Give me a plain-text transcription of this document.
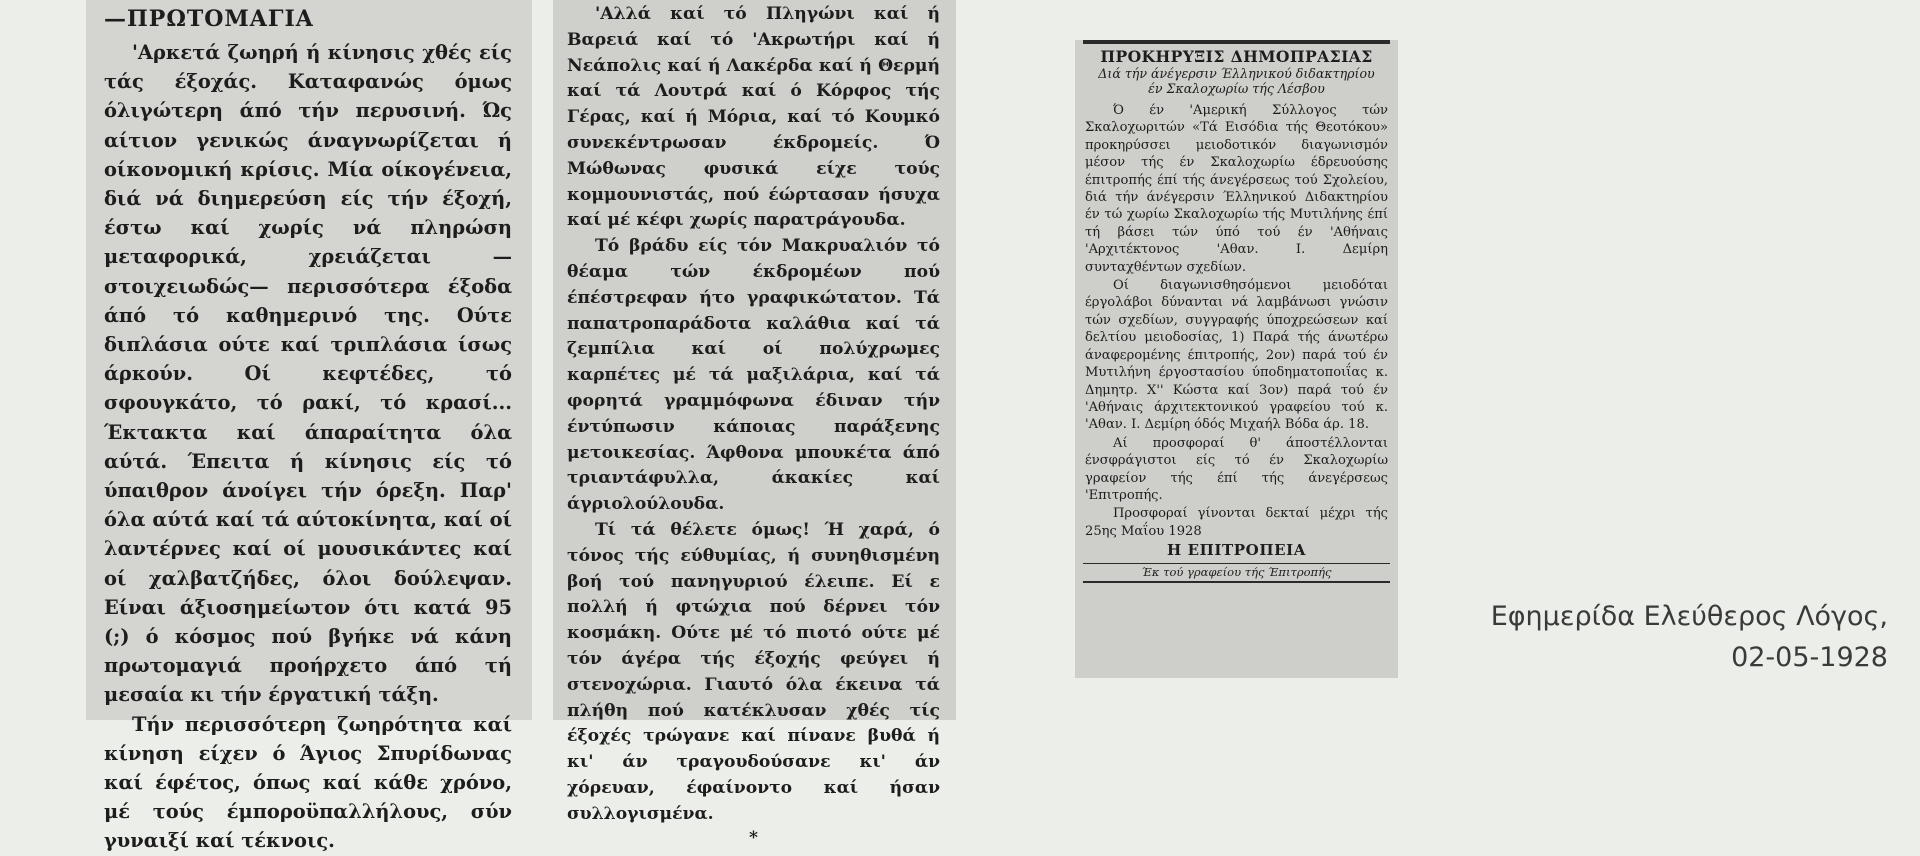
—ΠΡΩΤΟΜΑΓΙΑ

'Αρκετά ζωηρή ή κίνησις χθές είς τάς έξοχάς. Καταφανώς όμως όλιγώτερη άπό τήν περυσινή. Ώς αίτιον γενικώς άναγνωρίζεται ή οίκονομική κρίσις. Μία οίκογένεια, διά νά διημερεύση είς τήν έξοχή, έστω καί χωρίς νά πληρώση μεταφορικά, χρειάζεται —στοιχειωδώς— περισσότερα έξοδα άπό τό καθημερινό της. Ούτε διπλάσια ούτε καί τριπλάσια ίσως άρκούν. Οί κεφτέδες, τό σφουγκάτο, τό ρακί, τό κρασί... Έκτακτα καί άπαραίτητα όλα αύτά. Έπειτα ή κίνησις είς τό ύπαιθρον άνοίγει τήν όρεξη. Παρ' όλα αύτά καί τά αύτοκίνητα, καί οί λαντέρνες καί οί μουσικάντες καί οί χαλβατζήδες, όλοι δούλεψαν. Είναι άξιοσημείωτον ότι κατά 95 (;) ό κόσμος πού βγήκε νά κάνη πρωτομαγιά προήρχετο άπό τή μεσαία κι τήν έργατική τάξη.

Τήν περισσότερη ζωηρότητα καί κίνηση είχεν ό Άγιος Σπυρίδωνας καί έφέτος, όπως καί κάθε χρόνο, μέ τούς έμποροϋπαλλήλους, σύν γυναιξί καί τέκνοις.

'Αλλά καί τό Πληγώνι καί ή Βαρειά καί τό 'Ακρωτήρι καί ή Νεάπολις καί ή Λακέρδα καί ή Θερμή καί τά Λουτρά καί ό Κόρφος τής Γέρας, καί ή Μόρια, καί τό Κουμκό συνεκέντρωσαν έκδρομείς. Ό Μώθωνας φυσικά είχε τούς κομμουνιστάς, πού έώρτασαν ήσυχα καί μέ κέφι χωρίς παρατράγουδα.

Τό βράδυ είς τόν Μακρυαλιόν τό θέαμα τών έκδρομέων πού έπέστρεφαν ήτο γραφικώτατον. Τά παπατροπαράδοτα καλάθια καί τά ζεμπίλια καί οί πολύχρωμες καρπέτες μέ τά μαξιλάρια, καί τά φορητά γραμμόφωνα έδιναν τήν έντύπωσιν κάποιας παράξενης μετοικεσίας. Άφθονα μπουκέτα άπό τριαντάφυλλα, άκακίες καί άγριολούλουδα.

Τί τά θέλετε όμως! Ή χαρά, ό τόνος τής εύθυμίας, ή συνηθισμένη βοή τού πανηγυριού έλειπε. Εί ε πολλή ή φτώχια πού δέρνει τόν κοσμάκη. Ούτε μέ τό πιοτό ούτε μέ τόν άγέρα τής έξοχής φεύγει ή στενοχώρια. Γιαυτό όλα έκεινα τά πλήθη πού κατέκλυσαν χθές τίς έξοχές τρώγανε καί πίνανε βυθά ή κι' άν τραγουδούσανε κι' άν χόρευαν, έφαίνοντο καί ήσαν συλλογισμένα.

*
ΠΡΟΚΗΡΥΞΙΣ ΔΗΜΟΠΡΑΣΙΑΣ
Διά τήν άνέγερσιν Έλληνικού διδακτηρίου έν Σκαλοχωρίω τής Λέσβου

Ό έν 'Αμερική Σύλλογος τών Σκαλοχωριτών «Τά Εισόδια τής Θεοτόκου» προκηρύσσει μειοδοτικόν διαγωνισμόν μέσον τής έν Σκαλοχωρίω έδρευούσης έπιτροπής έπί τής άνεγέρσεως τού Σχολείου, διά τήν άνέγερσιν Έλληνικού Διδακτηρίου έν τώ χωρίω Σκαλοχωρίω τής Μυτιλήνης έπί τή βάσει τών ύπό τού έν 'Αθήναις 'Αρχιτέκτονος 'Αθαν. Ι. Δεμίρη συνταχθέντων σχεδίων.

Οί διαγωνισθησόμενοι μειοδόται έργολάβοι δύνανται νά λαμβάνωσι γνώσιν τών σχεδίων, συγγραφής ύποχρεώσεων καί δελτίου μειοδοσίας, 1) Παρά τής άνωτέρω άναφερομένης έπιτροπής, 2ον) παρά τού έν Μυτιλήνη έργοστασίου ύποδηματοποιΐας κ. Δημητρ. Χ'' Κώστα καί 3ον) παρά τού έν 'Αθήναις άρχιτεκτονικού γραφείου τού κ. 'Αθαν. Ι. Δεμίρη όδός Μιχαήλ Βόδα άρ. 18.

Αί προσφοραί θ' άποστέλλονται ένσφράγιστοι είς τό έν Σκαλοχωρίω γραφείον τής έπί τής άνεγέρσεως 'Επιτροπής.

Προσφοραί γίνονται δεκταί μέχρι τής 25ης Μαΐου 1928

Η ΕΠΙΤΡΟΠΕΙΑ
Έκ τού γραφείου τής Έπιτροπής
Εφημερίδα Ελεύθερος Λόγος,
02-05-1928
